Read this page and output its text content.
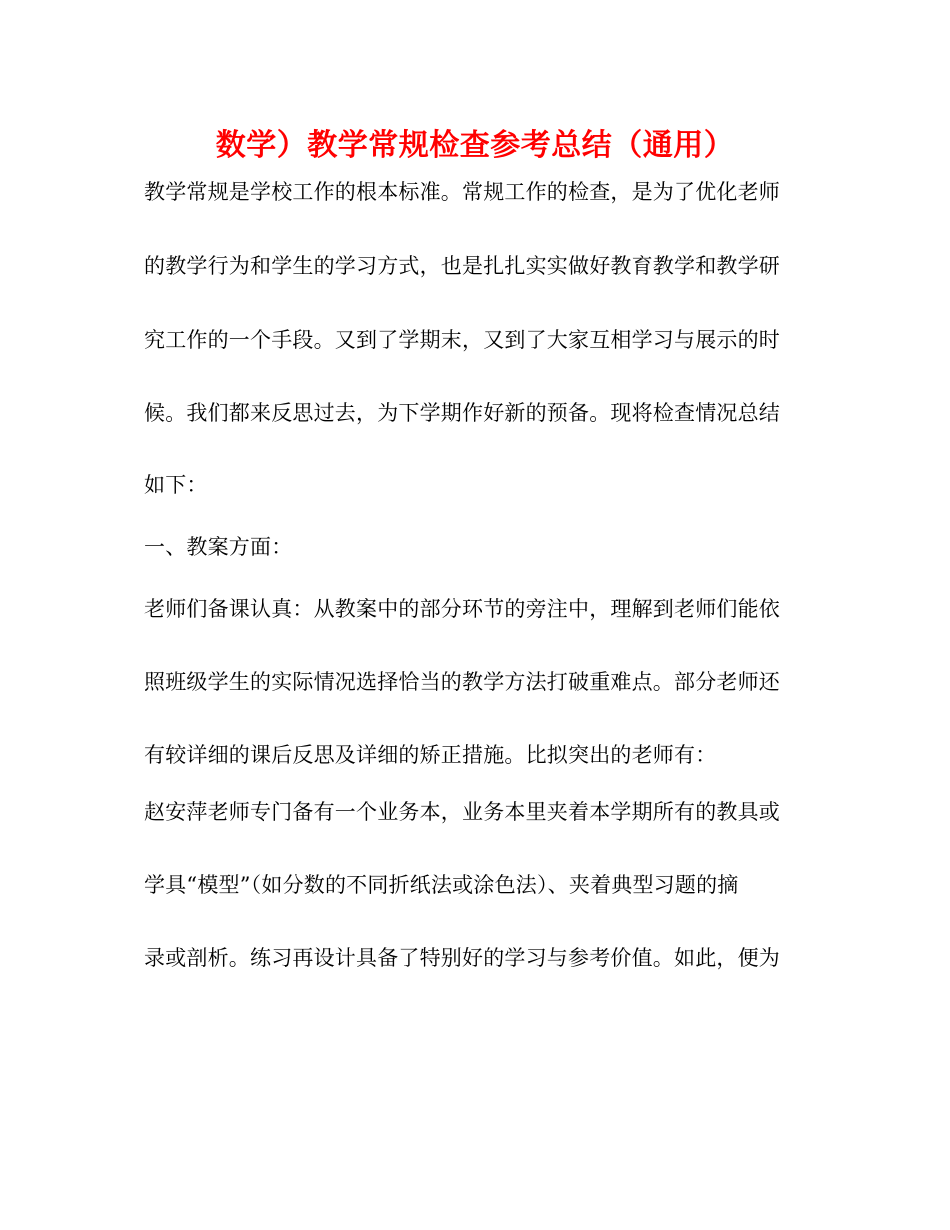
数学）教学常规检查参考总结（通用）
教学常规是学校工作的根本标准。常规工作的检查，是为了优化老师
的教学行为和学生的学习方式，也是扎扎实实做好教育教学和教学研
究工作的一个手段。又到了学期末，又到了大家互相学习与展示的时
候。我们都来反思过去，为下学期作好新的预备。现将检查情况总结
如下：
一、教案方面：
老师们备课认真：从教案中的部分环节的旁注中，理解到老师们能依
照班级学生的实际情况选择恰当的教学方法打破重难点。部分老师还
有较详细的课后反思及详细的矫正措施。比拟突出的老师有：
赵安萍老师专门备有一个业务本，业务本里夹着本学期所有的教具或
学具“模型”（如分数的不同折纸法或涂色法）、夹着典型习题的摘
录或剖析。练习再设计具备了特别好的学习与参考价值。如此，便为
